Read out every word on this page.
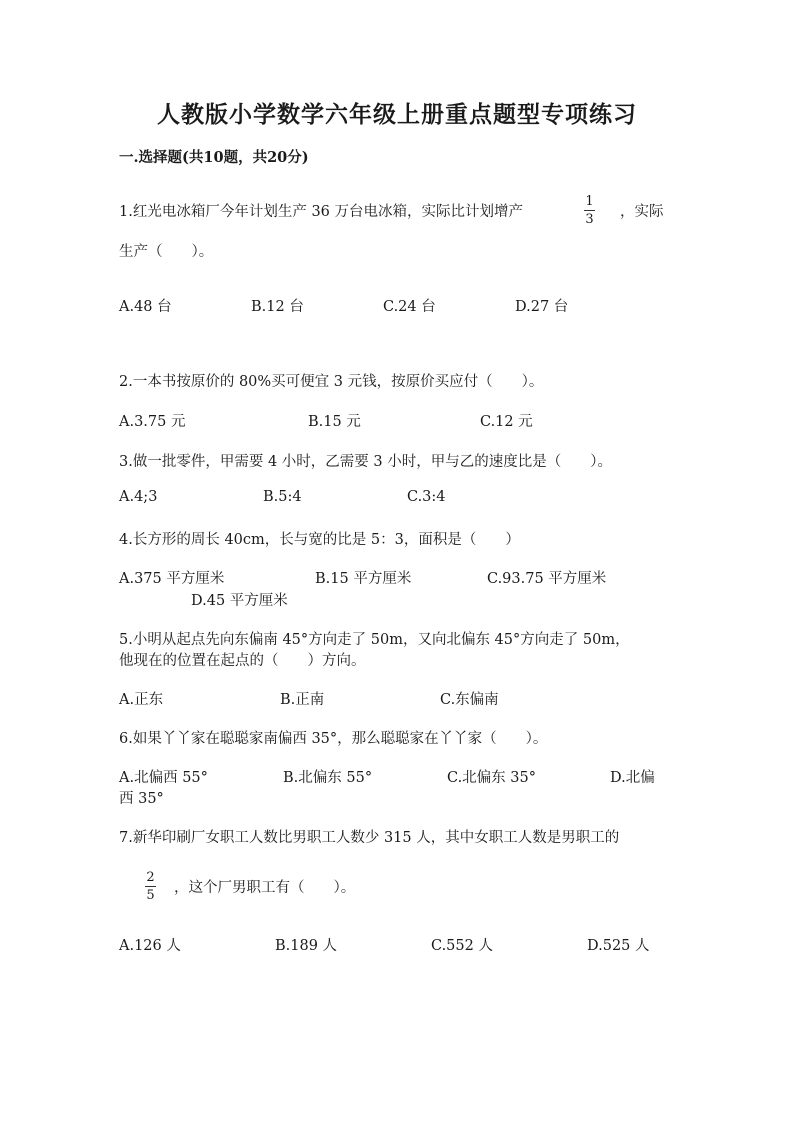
人教版小学数学六年级上册重点题型专项练习
一.选择题(共10题，共20分)
1.红光电冰箱厂今年计划生产 36 万台电冰箱，实际比计划增产
1
3 ，实际
生产（　　）。
A.48 台	B.12 台	C.24 台	D.27 台
2.一本书按原价的 80%买可便宜 3 元钱，按原价买应付（　　）。
A.3.75 元	B.15 元	C.12 元
3.做一批零件，甲需要 4 小时，乙需要 3 小时，甲与乙的速度比是（　　）。
A.4;3	B.5:4	C.3:4
4.长方形的周长 40cm，长与宽的比是 5：3，面积是（　　）
A.375 平方厘米	B.15 平方厘米	C.93.75 平方厘米
D.45 平方厘米
5.小明从起点先向东偏南 45°方向走了 50m，又向北偏东 45°方向走了 50m，
他现在的位置在起点的（　　）方向。
A.正东	B.正南	C.东偏南
6.如果丫丫家在聪聪家南偏西 35°，那么聪聪家在丫丫家（　　）。
A.北偏西 55°	B.北偏东 55°	C.北偏东 35°	D.北偏
西 35°
7.新华印刷厂女职工人数比男职工人数少 315 人，其中女职工人数是男职工的
2
5 ，这个厂男职工有（　　）。
A.126 人	B.189 人	C.552 人	D.525 人
